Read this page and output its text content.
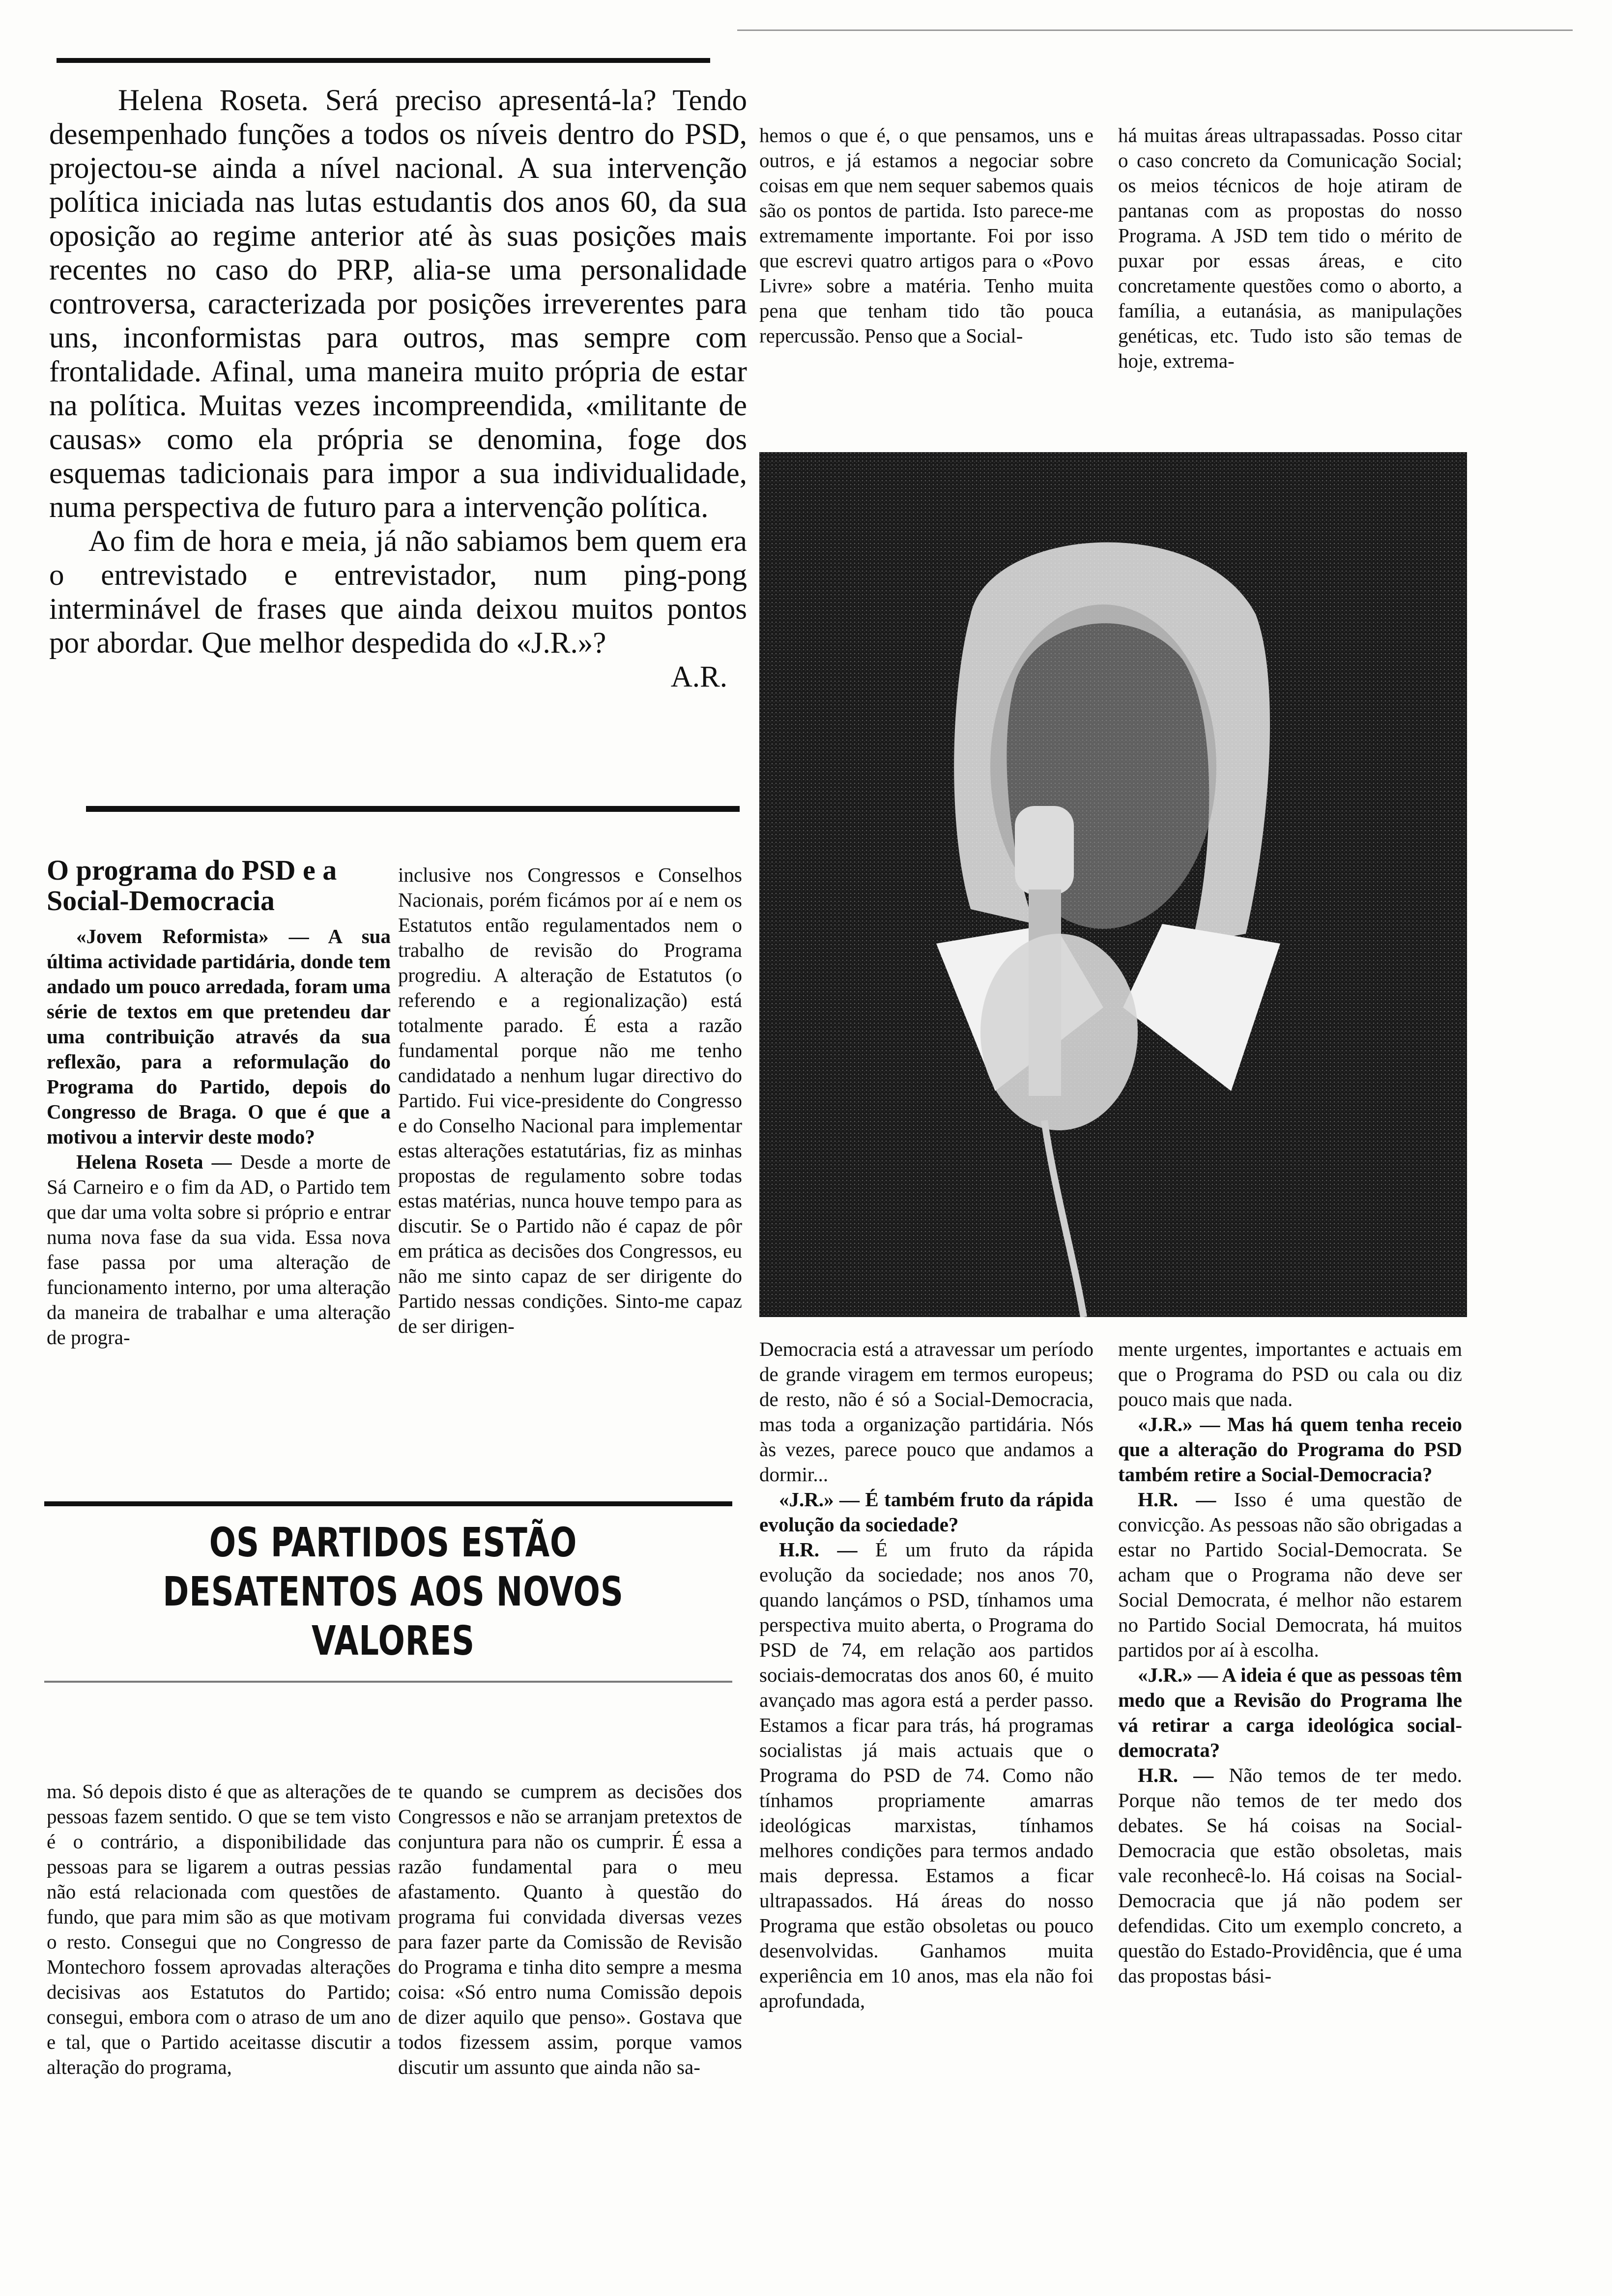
Helena Roseta. Será preciso apresentá-la? Tendo desempenhado funções a todos os níveis dentro do PSD, projectou-se ainda a nível nacional. A sua intervenção política iniciada nas lutas estudantis dos anos 60, da sua oposição ao regime anterior até às suas posições mais recentes no caso do PRP, alia-se uma personalidade controversa, caracterizada por posições irreverentes para uns, inconformistas para outros, mas sempre com frontalidade. Afinal, uma maneira muito própria de estar na política. Muitas vezes incompreendida, «militante de causas» como ela própria se denomina, foge dos esquemas tadicionais para impor a sua individualidade, numa perspectiva de futuro para a intervenção política.

Ao fim de hora e meia, já não sabiamos bem quem era o entrevistado e entrevistador, num ping-pong interminável de frases que ainda deixou muitos pontos por abordar. Que melhor despedida do «J.R.»?

A.R.

hemos o que é, o que pensamos, uns e outros, e já estamos a negociar sobre coisas em que nem sequer sabemos quais são os pontos de partida. Isto parece-me extremamente importante. Foi por isso que escrevi quatro artigos para o «Povo Livre» sobre a matéria. Tenho muita pena que tenham tido tão pouca repercussão. Penso que a Social-

há muitas áreas ultrapassadas. Posso citar o caso concreto da Comunicação Social; os meios técnicos de hoje atiram de pantanas com as propostas do nosso Programa. A JSD tem tido o mérito de puxar por essas áreas, e cito concretamente questões como o aborto, a família, a eutanásia, as manipulações genéticas, etc. Tudo isto são temas de hoje, extrema-

O programa do PSD e a Social-Democracia

«Jovem Reformista» — A sua última actividade partidária, donde tem andado um pouco arredada, foram uma série de textos em que pretendeu dar uma contribuição através da sua reflexão, para a reformulação do Programa do Partido, depois do Congresso de Braga. O que é que a motivou a intervir deste modo?

Helena Roseta — Desde a morte de Sá Carneiro e o fim da AD, o Partido tem que dar uma volta sobre si próprio e entrar numa nova fase da sua vida. Essa nova fase passa por uma alteração de funcionamento interno, por uma alteração da maneira de trabalhar e uma alteração de progra-

inclusive nos Congressos e Conselhos Nacionais, porém ficámos por aí e nem os Estatutos então regulamentados nem o trabalho de revisão do Programa progrediu. A alteração de Estatutos (o referendo e a regionalização) está totalmente parado. É esta a razão fundamental porque não me tenho candidatado a nenhum lugar directivo do Partido. Fui vice-presidente do Congresso e do Conselho Nacional para implementar estas alterações estatutárias, fiz as minhas propostas de regulamento sobre todas estas matérias, nunca houve tempo para as discutir. Se o Partido não é capaz de pôr em prática as decisões dos Congressos, eu não me sinto capaz de ser dirigente do Partido nessas condições. Sinto-me capaz de ser dirigen-

OS PARTIDOS ESTÃO
DESATENTOS AOS NOVOS
VALORES

ma. Só depois disto é que as alterações de pessoas fazem sentido. O que se tem visto é o contrário, a disponibilidade das pessoas para se ligarem a outras pessias não está relacionada com questões de fundo, que para mim são as que motivam o resto. Consegui que no Congresso de Montechoro fossem aprovadas alterações decisivas aos Estatutos do Partido; consegui, embora com o atraso de um ano e tal, que o Partido aceitasse discutir a alteração do programa,

te quando se cumprem as decisões dos Congressos e não se arranjam pretextos de conjuntura para não os cumprir. É essa a razão fundamental para o meu afastamento. Quanto à questão do programa fui convidada diversas vezes para fazer parte da Comissão de Revisão do Programa e tinha dito sempre a mesma coisa: «Só entro numa Comissão depois de dizer aquilo que penso». Gostava que todos fizessem assim, porque vamos discutir um assunto que ainda não sa-

Democracia está a atravessar um período de grande viragem em termos europeus; de resto, não é só a Social-Democracia, mas toda a organização partidária. Nós às vezes, parece pouco que andamos a dormir...

«J.R.» — É também fruto da rápida evolução da sociedade?

H.R. — É um fruto da rápida evolução da sociedade; nos anos 70, quando lançámos o PSD, tínhamos uma perspectiva muito aberta, o Programa do PSD de 74, em relação aos partidos sociais-democratas dos anos 60, é muito avançado mas agora está a perder passo. Estamos a ficar para trás, há programas socialistas já mais actuais que o Programa do PSD de 74. Como não tínhamos propriamente amarras ideológicas marxistas, tínhamos melhores condições para termos andado mais depressa. Estamos a ficar ultrapassados. Há áreas do nosso Programa que estão obsoletas ou pouco desenvolvidas. Ganhamos muita experiência em 10 anos, mas ela não foi aprofundada,

mente urgentes, importantes e actuais em que o Programa do PSD ou cala ou diz pouco mais que nada.

«J.R.» — Mas há quem tenha receio que a alteração do Programa do PSD também retire a Social-Democracia?

H.R. — Isso é uma questão de convicção. As pessoas não são obrigadas a estar no Partido Social-Democrata. Se acham que o Programa não deve ser Social Democrata, é melhor não estarem no Partido Social Democrata, há muitos partidos por aí à escolha.

«J.R.» — A ideia é que as pessoas têm medo que a Revisão do Programa lhe vá retirar a carga ideológica social-democrata?

H.R. — Não temos de ter medo. Porque não temos de ter medo dos debates. Se há coisas na Social-Democracia que estão obsoletas, mais vale reconhecê-lo. Há coisas na Social-Democracia que já não podem ser defendidas. Cito um exemplo concreto, a questão do Estado-Providência, que é uma das propostas bási-
